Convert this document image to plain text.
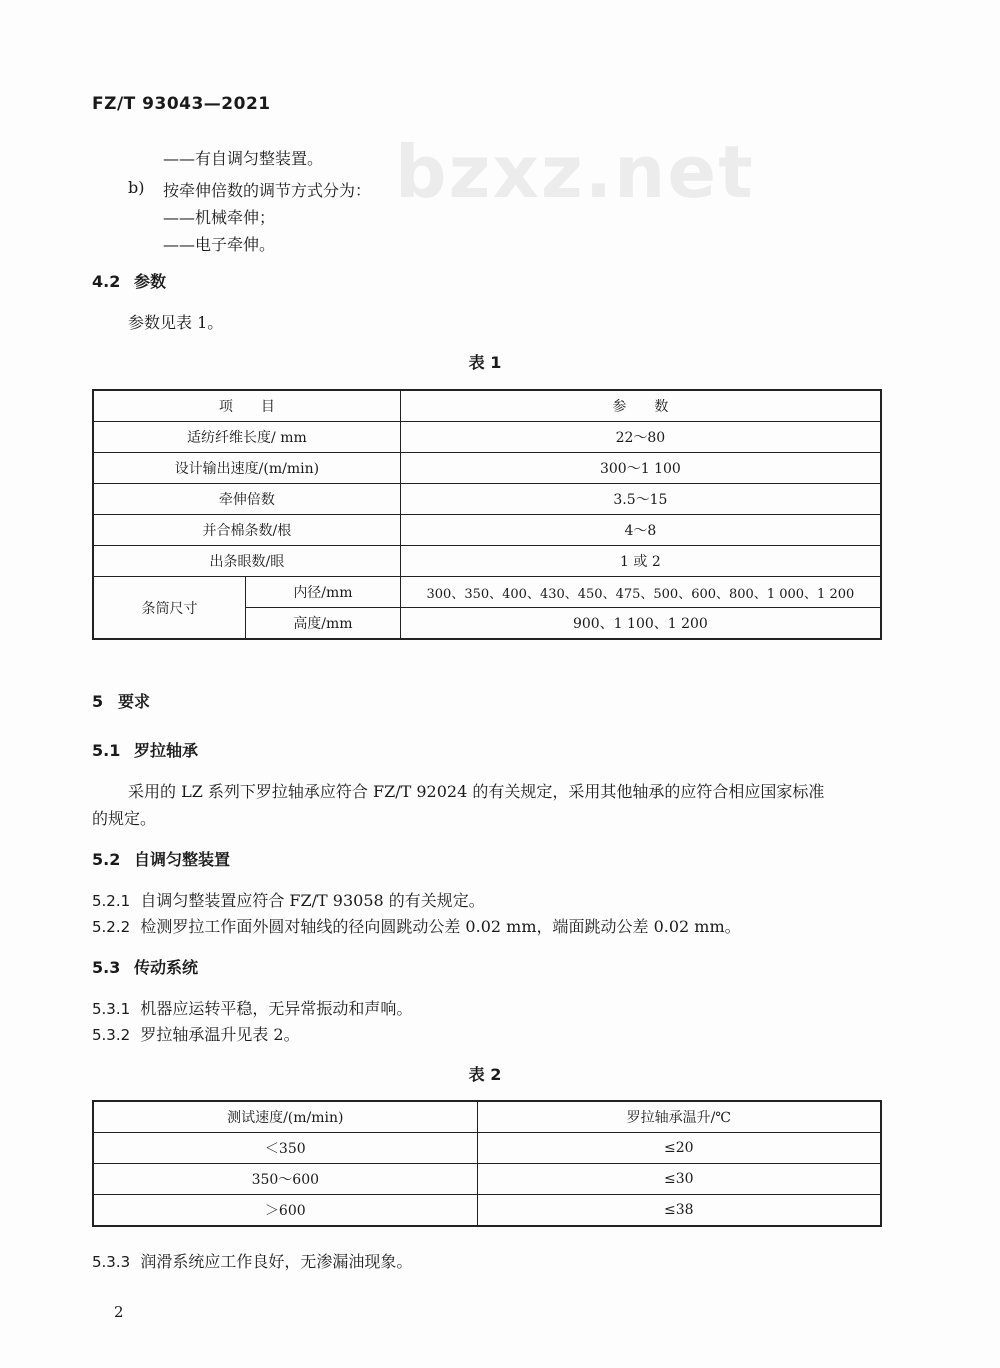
bzxz.net
FZ/T 93043—2021
——有自调匀整装置。
b) 按牵伸倍数的调节方式分为：
——机械牵伸；
——电子牵伸。
4.2 参数
参数见表 1。
表 1
项　　目		参　　数
适纺纤维长度/ mm		22～80
设计输出速度/(m/min)		300～1 100
牵伸倍数		3.5～15
并合棉条数/根		4～8
出条眼数/眼		1 或 2
条筒尺寸	内径/mm	300、350、400、430、450、475、500、600、800、1 000、1 200
	高度/mm	900、1 100、1 200
5 要求
5.1 罗拉轴承
采用的 LZ 系列下罗拉轴承应符合 FZ/T 92024 的有关规定，采用其他轴承的应符合相应国家标准
的规定。
5.2 自调匀整装置
5.2.1 自调匀整装置应符合 FZ/T 93058 的有关规定。
5.2.2 检测罗拉工作面外圆对轴线的径向圆跳动公差 0.02 mm，端面跳动公差 0.02 mm。
5.3 传动系统
5.3.1 机器应运转平稳，无异常振动和声响。
5.3.2 罗拉轴承温升见表 2。
表 2
测试速度/(m/min)	罗拉轴承温升/℃
＜350	≤20
350～600	≤30
＞600	≤38
5.3.3 润滑系统应工作良好，无渗漏油现象。
2
